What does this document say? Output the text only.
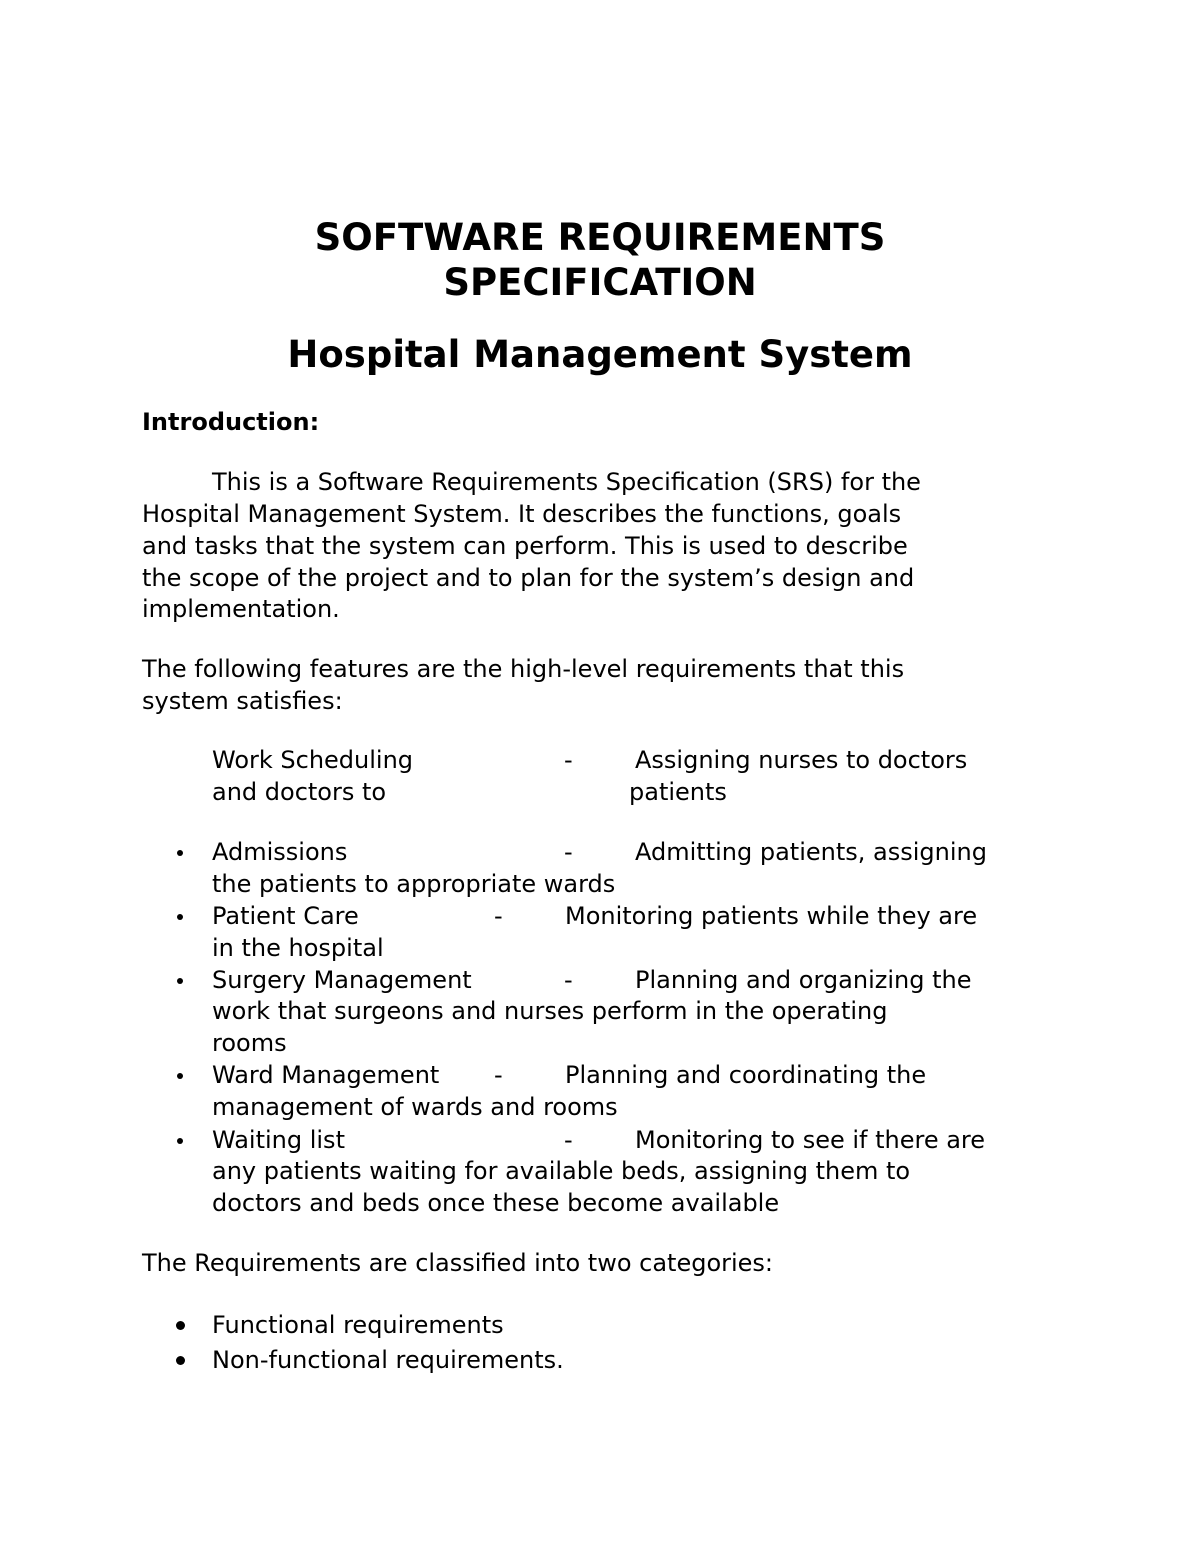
SOFTWARE REQUIREMENTS
SPECIFICATION
Hospital Management System

Introduction:

This is a Software Requirements Specification (SRS) for the

Hospital Management System. It describes the functions, goals

and tasks that the system can perform. This is used to describe

the scope of the project and to plan for the system’s design and

implementation.

The following features are the high-level requirements that this

system satisfies:

Work Scheduling	-	Assigning nurses to doctors

and doctors to	patients

Admissions	-	Admitting patients, assigning

the patients to appropriate wards

Patient Care	-	Monitoring patients while they are

in the hospital

Surgery Management	-	Planning and organizing the

work that surgeons and nurses perform in the operating

rooms

Ward Management -	Planning and coordinating the

management of wards and rooms

Waiting list	-	Monitoring to see if there are

any patients waiting for available beds, assigning them to

doctors and beds once these become available

The Requirements are classified into two categories:

Functional requirements

Non-functional requirements.
